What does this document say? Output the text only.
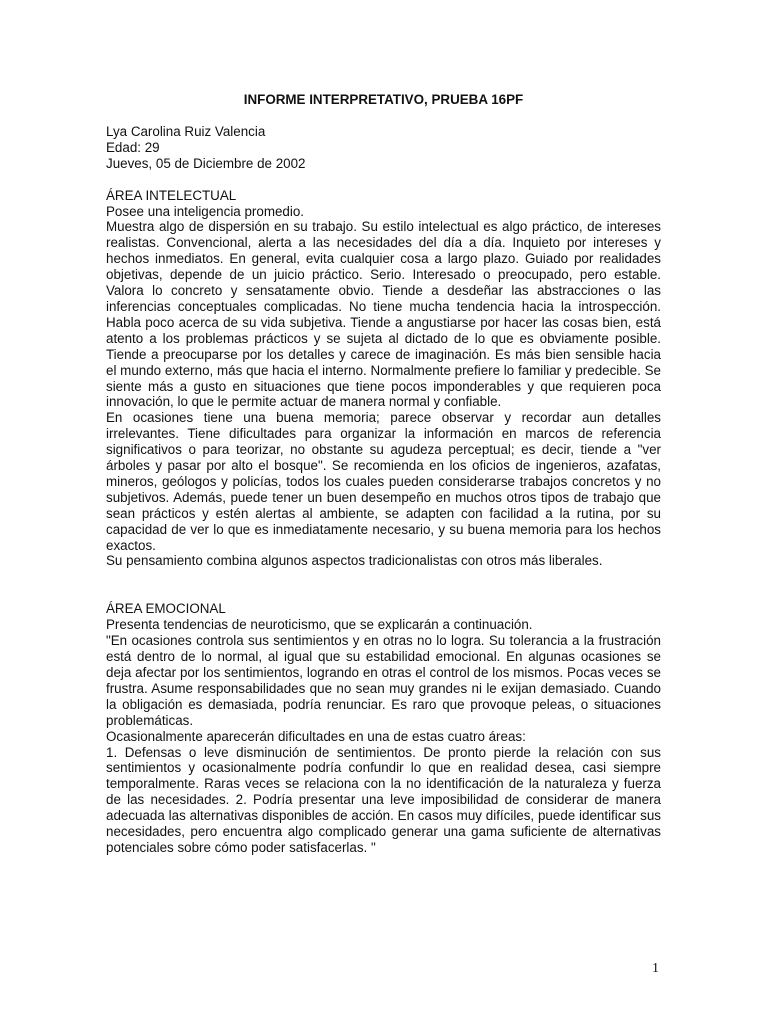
INFORME INTERPRETATIVO, PRUEBA 16PF
Lya Carolina Ruiz Valencia
Edad: 29
Jueves, 05 de Diciembre de 2002
ÁREA INTELECTUAL

Posee una inteligencia promedio.

Muestra algo de dispersión en su trabajo. Su estilo intelectual es algo práctico, de intereses realistas. Convencional, alerta a las necesidades del día a día. Inquieto por intereses y hechos inmediatos. En general, evita cualquier cosa a largo plazo. Guiado por realidades objetivas, depende de un juicio práctico. Serio. Interesado o preocupado, pero estable. Valora lo concreto y sensatamente obvio. Tiende a desdeñar las abstracciones o las inferencias conceptuales complicadas. No tiene mucha tendencia hacia la introspección. Habla poco acerca de su vida subjetiva. Tiende a angustiarse por hacer las cosas bien, está atento a los problemas prácticos y se sujeta al dictado de lo que es obviamente posible. Tiende a preocuparse por los detalles y carece de imaginación. Es más bien sensible hacia el mundo externo, más que hacia el interno. Normalmente prefiere lo familiar y predecible. Se siente más a gusto en situaciones que tiene pocos imponderables y que requieren poca innovación, lo que le permite actuar de manera normal y confiable.

En ocasiones tiene una buena memoria; parece observar y recordar aun detalles irrelevantes. Tiene dificultades para organizar la información en marcos de referencia significativos o para teorizar, no obstante su agudeza perceptual; es decir, tiende a "ver árboles y pasar por alto el bosque". Se recomienda en los oficios de ingenieros, azafatas, mineros, geólogos y policías, todos los cuales pueden considerarse trabajos concretos y no subjetivos. Además, puede tener un buen desempeño en muchos otros tipos de trabajo que sean prácticos y estén alertas al ambiente, se adapten con facilidad a la rutina, por su capacidad de ver lo que es inmediatamente necesario, y su buena memoria para los hechos exactos.

Su pensamiento combina algunos aspectos tradicionalistas con otros más liberales.

ÁREA EMOCIONAL

Presenta tendencias de neuroticismo, que se explicarán a continuación.

"En ocasiones controla sus sentimientos y en otras no lo logra. Su tolerancia a la frustración está dentro de lo normal, al igual que su estabilidad emocional. En algunas ocasiones se deja afectar por los sentimientos, logrando en otras el control de los mismos. Pocas veces se frustra. Asume responsabilidades que no sean muy grandes ni le exijan demasiado. Cuando la obligación es demasiada, podría renunciar. Es raro que provoque peleas, o situaciones problemáticas.

Ocasionalmente aparecerán dificultades en una de estas cuatro áreas:

1. Defensas o leve disminución de sentimientos. De pronto pierde la relación con sus sentimientos y ocasionalmente podría confundir lo que en realidad desea, casi siempre temporalmente. Raras veces se relaciona con la no identificación de la naturaleza y fuerza de las necesidades. 2. Podría presentar una leve imposibilidad de considerar de manera adecuada las alternativas disponibles de acción. En casos muy difíciles, puede identificar sus necesidades, pero encuentra algo complicado generar una gama suficiente de alternativas potenciales sobre cómo poder satisfacerlas. "

1
